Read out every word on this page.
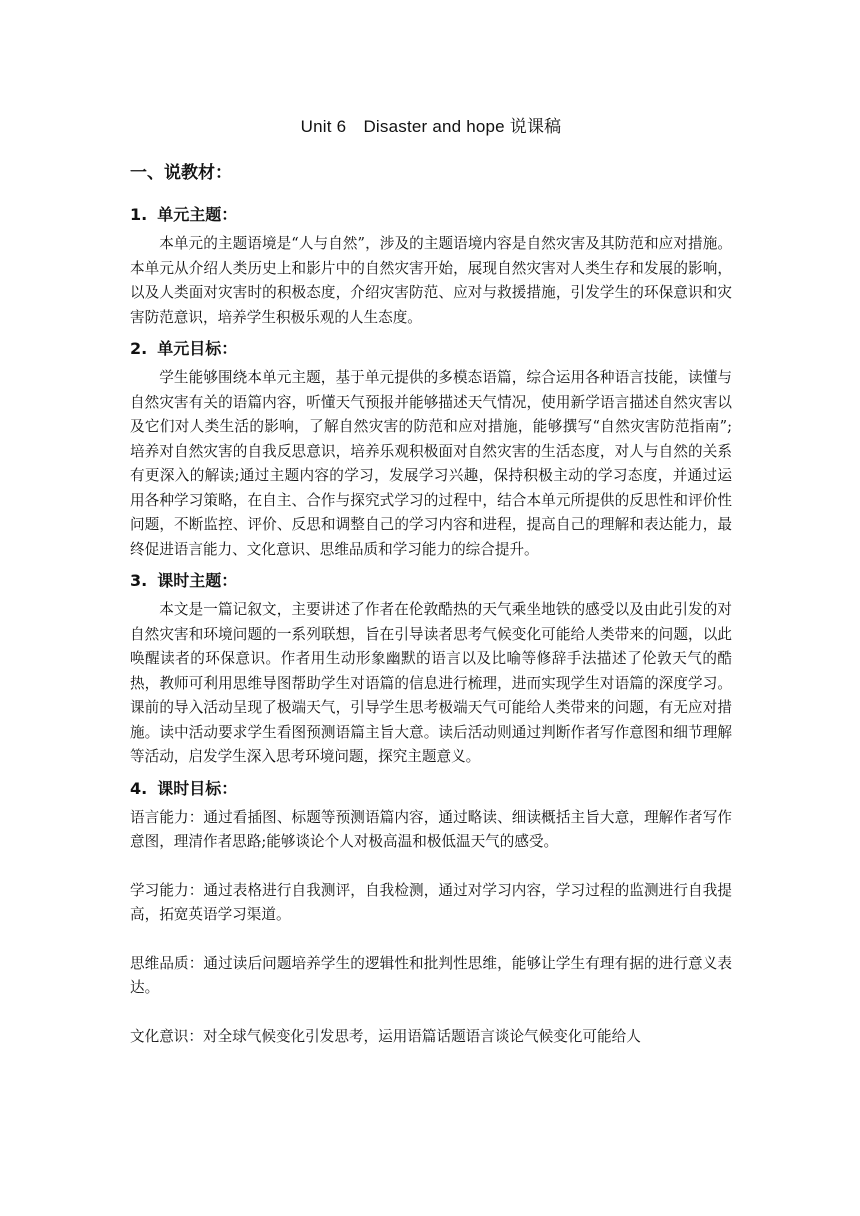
Unit 6　Disaster and hope 说课稿
一、说教材：
1. 单元主题：

本单元的主题语境是“人与自然”，涉及的主题语境内容是自然灾害及其防范和应对措施。本单元从介绍人类历史上和影片中的自然灾害开始，展现自然灾害对人类生存和发展的影响，以及人类面对灾害时的积极态度，介绍灾害防范、应对与救援措施，引发学生的环保意识和灾害防范意识，培养学生积极乐观的人生态度。

2. 单元目标：

学生能够围绕本单元主题，基于单元提供的多模态语篇，综合运用各种语言技能，读懂与自然灾害有关的语篇内容，听懂天气预报并能够描述天气情况，使用新学语言描述自然灾害以及它们对人类生活的影响，了解自然灾害的防范和应对措施，能够撰写“自然灾害防范指南”;培养对自然灾害的自我反思意识，培养乐观积极面对自然灾害的生活态度，对人与自然的关系有更深入的解读;通过主题内容的学习，发展学习兴趣，保持积极主动的学习态度，并通过运用各种学习策略，在自主、合作与探究式学习的过程中，结合本单元所提供的反思性和评价性问题，不断监控、评价、反思和调整自己的学习内容和进程，提高自己的理解和表达能力，最终促进语言能力、文化意识、思维品质和学习能力的综合提升。

3. 课时主题：

本文是一篇记叙文，主要讲述了作者在伦敦酷热的天气乘坐地铁的感受以及由此引发的对自然灾害和环境问题的一系列联想，旨在引导读者思考气候变化可能给人类带来的问题，以此唤醒读者的环保意识。作者用生动形象幽默的语言以及比喻等修辞手法描述了伦敦天气的酷热，教师可利用思维导图帮助学生对语篇的信息进行梳理，进而实现学生对语篇的深度学习。课前的导入活动呈现了极端天气，引导学生思考极端天气可能给人类带来的问题，有无应对措施。读中活动要求学生看图预测语篇主旨大意。读后活动则通过判断作者写作意图和细节理解等活动，启发学生深入思考环境问题，探究主题意义。

4. 课时目标：

语言能力：通过看插图、标题等预测语篇内容，通过略读、细读概括主旨大意，理解作者写作意图，理清作者思路;能够谈论个人对极高温和极低温天气的感受。

学习能力：通过表格进行自我测评，自我检测，通过对学习内容，学习过程的监测进行自我提高，拓宽英语学习渠道。

思维品质：通过读后问题培养学生的逻辑性和批判性思维，能够让学生有理有据的进行意义表达。

文化意识：对全球气候变化引发思考，运用语篇话题语言谈论气候变化可能给人
